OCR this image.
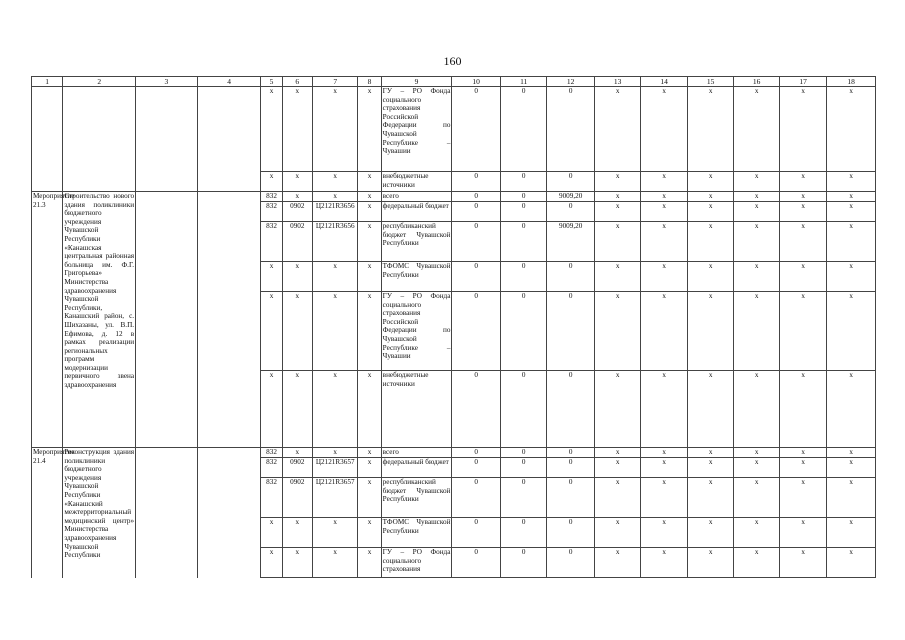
160
1	2	3	4	5	6	7	8	9	10	11	12	13	14	15	16	17	18
				x	x	x	x	ГУ – РО Фонда социального страхования Российской Федерации по Чувашской Республике – Чувашии	0	0	0	x	x	x	x	x	x
				x	x	x	x	внебюджетные источники	0	0	0	x	x	x	x	x	x
Мероприятие 21.3	Строительство нового здания поликлиники бюджетного учреждения Чувашской Республики «Канашская центральная районная больница им. Ф.Г. Григорьева» Министерства здравоохранения Чувашской Республики, Канашский район, с. Шихазаны, ул. В.П. Ефимова, д. 12 в рамках реализации региональных программ модернизации первичного звена здравоохранения			832	x	x	x	всего	0	0	9009,20	x	x	x	x	x	x
				832	0902	Ц2121R3656	x	федеральный бюджет	0	0	0	x	x	x	x	x	x
				832	0902	Ц2121R3656	x	республиканский бюджет Чувашской Республики	0	0	9009,20	x	x	x	x	x	x
				x	x	x	x	ТФОМС Чувашской Республики	0	0	0	x	x	x	x	x	x
				x	x	x	x	ГУ – РО Фонда социального страхования Российской Федерации по Чувашской Республике – Чувашии	0	0	0	x	x	x	x	x	x
				x	x	x	x	внебюджетные источники	0	0	0	x	x	x	x	x	x
Мероприятие 21.4	Реконструкция здания поликлиники бюджетного учреждения Чувашской Республики «Канашский межтерриториальный медицинский центр» Министерства здравоохранения Чувашской Республики			832	x	x	x	всего	0	0	0	x	x	x	x	x	x
				832	0902	Ц2121R3657	x	федеральный бюджет	0	0	0	x	x	x	x	x	x
				832	0902	Ц2121R3657	x	республиканский бюджет Чувашской Республики	0	0	0	x	x	x	x	x	x
				x	x	x	x	ТФОМС Чувашской Республики	0	0	0	x	x	x	x	x	x
				x	x	x	x	ГУ – РО Фонда социального страхования	0	0	0	x	x	x	x	x	x
